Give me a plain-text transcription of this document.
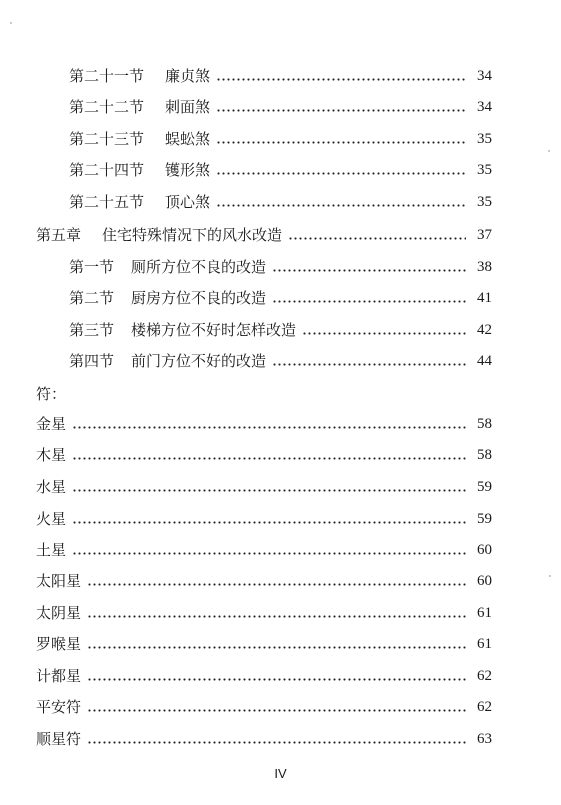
第二十一节	廉贞煞	34
第二十二节	刺面煞	34
第二十三节	蜈蚣煞	35
第二十四节	镬形煞	35
第二十五节	顶心煞	35
第五章	住宅特殊情况下的风水改造	37
第一节	厕所方位不良的改造	38
第二节	厨房方位不良的改造	41
第三节	楼梯方位不好时怎样改造	42
第四节	前门方位不好的改造	44
符：
金星	58
木星	58
水星	59
火星	59
土星	60
太阳星	60
太阴星	61
罗喉星	61
计都星	62
平安符	62
顺星符	63
IV
